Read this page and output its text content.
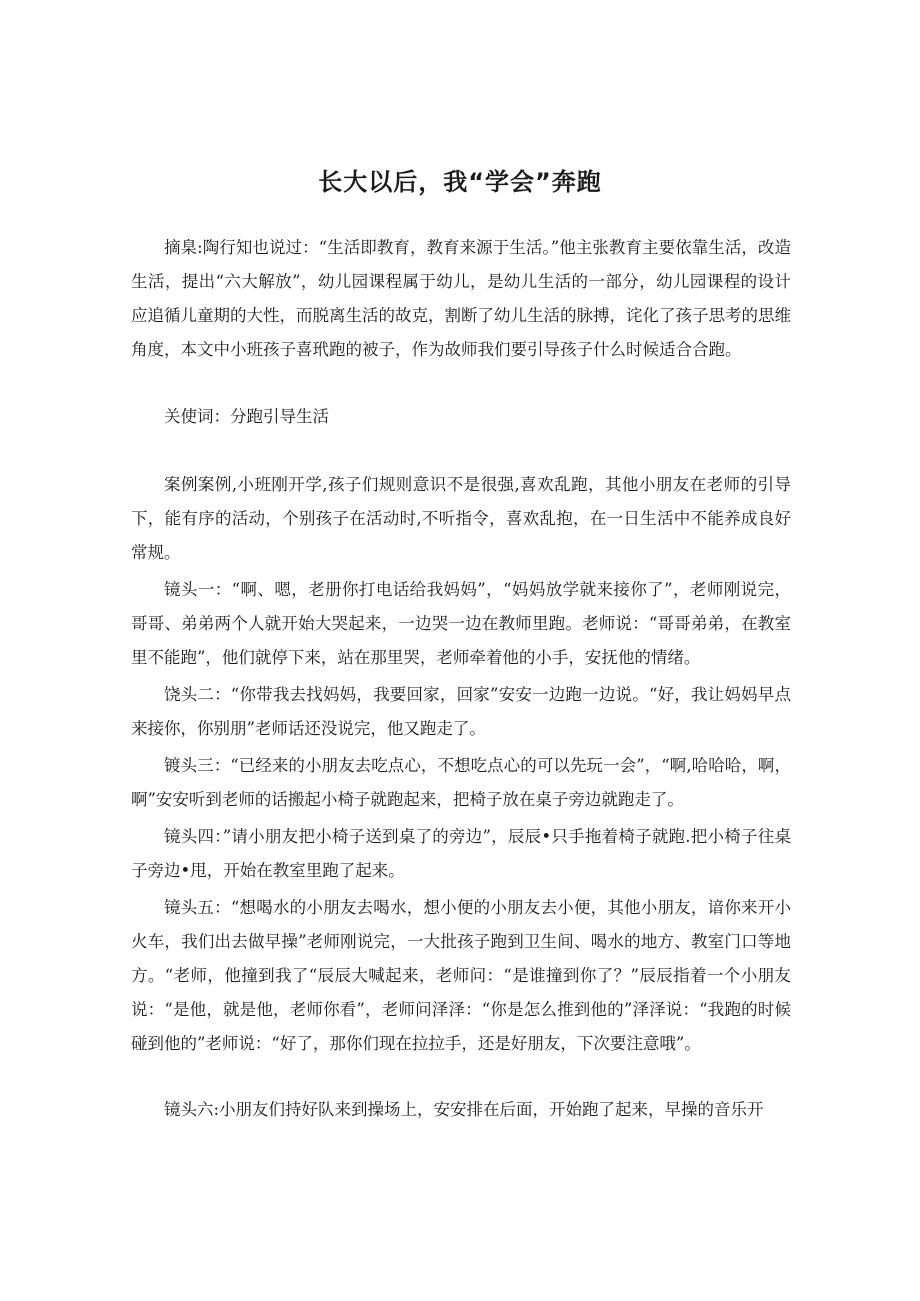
长大以后，我“学会”奔跑

摘臬:陶行知也说过：“生活即教育，教育来源于生活。”他主张教育主要依靠生活，改造生活，提出“六大解放”，幼儿园课程属于幼儿，是幼儿生活的一部分，幼儿园课程的设计应追循儿童期的大性，而脱离生活的故克，割断了幼儿生活的脉搏，诧化了孩子思考的思维角度，本文中小班孩子喜玳跑的被子，作为故师我们要引导孩子什么时候适合合跑。

关使词：分跑引导生活

案例案例,小班刚开学,孩子们规则意识不是很强,喜欢乱跑，其他小朋友在老师的引导下，能有序的活动，个别孩子在活动时,不听指令，喜欢乱抱，在一日生活中不能养成良好常规。

镜头一：“啊、嗯，老册你打电话给我妈妈”，“妈妈放学就来接你了”，老师刚说完，哥哥、弟弟两个人就开始大哭起来，一边哭一边在教师里跑。老师说：“哥哥弟弟，在教室里不能跑”，他们就停下来，站在那里哭，老师牵着他的小手，安抚他的情绪。

饶头二：“你带我去找妈妈，我要回家，回家”安安一边跑一边说。“好，我让妈妈早点来接你，你别朋”老师话还没说完，他又跑走了。

镀头三：“已经来的小朋友去吃点心，不想吃点心的可以先玩一会”，“啊,哈哈哈，啊，啊”安安听到老师的话搬起小椅子就跑起来，把椅子放在桌子旁边就跑走了。

镜头四：”请小朋友把小椅子送到桌了的旁边”，辰辰•只手拖着椅子就跑.把小椅子往桌子旁边•甩，开始在教室里跑了起来。

镜头五：“想喝水的小朋友去喝水，想小便的小朋友去小便，其他小朋友，谙你来开小火车，我们出去做早操”老师刚说完，一大批孩子跑到卫生间、喝水的地方、教室门口等地方。“老师，他撞到我了“辰辰大喊起来，老师问：“是谁撞到你了？”辰辰指着一个小朋友说：“是他，就是他，老师你看”，老师问泽泽：“你是怎么推到他的”泽泽说：“我跑的时候碰到他的”老师说：“好了，那你们现在拉拉手，还是好朋友，下次要注意哦”。

镜头六:小朋友们持好队来到操场上，安安排在后面，开始跑了起来，早操的音乐开
